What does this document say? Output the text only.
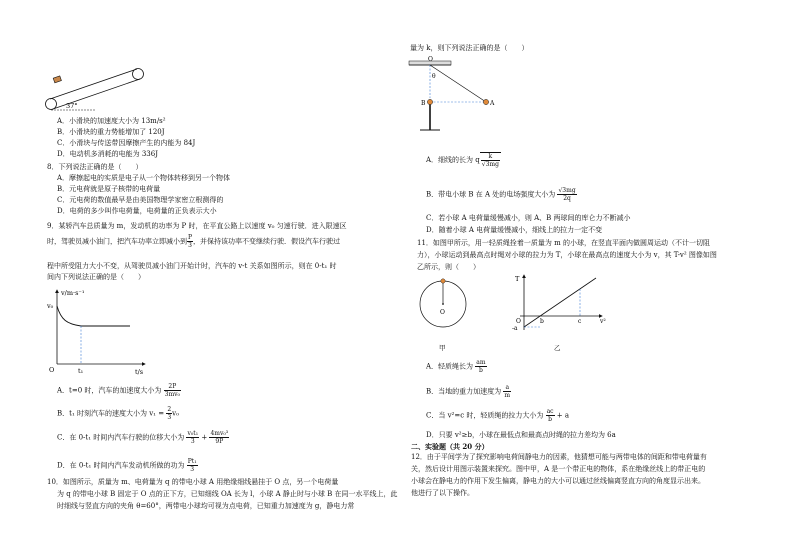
37°
A．小滑块的加速度大小为 13m/s²
B．小滑块的重力势能增加了 120J
C．小滑块与传送带因摩擦产生的内能为 84J
D．电动机多消耗的电能为 336J
8．下列说法正确的是（　　）
A．摩擦起电的实质是电子从一个物体转移到另一个物体
B．元电荷就是原子核带的电荷量
C．元电荷的数值最早是由美国物理学家密立根测得的
D．电荷的多少叫作电荷量，电荷量的正负表示大小
9．某轿汽车总质量为 m，发动机的功率为 P 时，在平直公路上以速度 v₀ 匀速行驶．进入限速区
时，驾驶员减小油门，把汽车功率立即减小到 $\frac{P}{3}$ ，并保持该功率不变继续行驶．假设汽车行驶过
程中所受阻力大小不变，从驾驶员减小油门开始计时，汽车的 v-t 关系如图所示，则在 0-t₁ 时
间内下列说法正确的是（　　）
v/m·s⁻¹
v₀
O	t₁	t/s
A．t=0 时，汽车的加速度大小为 $\frac{2P}{\text{3mv₀}}$
B．t₁ 时刻汽车的速度大小为 $v_1 = \frac{2}{3} v_0$
C．在 0-t₁ 时间内汽车行驶的位移大小为 $\frac{\text{v₀t₁}}{3} + \frac{\text{4mv₀³}}{9P}$
D．在 0-t₁ 时间内汽车发动机所做的功为 $\frac{\text{Pt₁}}{3}$
10．如图所示，质量为 m、电荷量为 q 的带电小球 A 用绝缘细线悬挂于 O 点，另一个电荷量
为 q 的带电小球 B 固定于 O 点的正下方，已知细线 OA 长为 l，小球 A 静止时与小球 B 在同一水平线上，此
时细线与竖直方向的夹角 θ=60°，两带电小球均可视为点电荷，已知重力加速度为 g，静电力常
量为 k，则下列说法正确的是（　　）
O
θ
B	A
A．细线的长为 q $\frac{k}{√3mg}$
B．带电小球 B 在 A 处的电场强度大小为 $\frac{√3mg}{2q}$
C．若小球 A 电荷量缓慢减小，则 A、B 两球间的库仑力不断减小
D．随着小球 A 电荷量缓慢减小，细线上的拉力一定不变
11．如图甲所示，用一轻质绳拴着一质量为 m 的小球，在竖直平面内做圆周运动（不计一切阻
力），小球运动到最高点时绳对小球的拉力为 T，小球在最高点的速度大小为 v，其 T-v² 图像如图
乙所示，则（　　）
O
甲
T
O
-a
b	c	v²
乙
A．轻质绳长为 $\frac{am}{b}$
B．当地的重力加速度为 $\frac{a}{m}$
C．当 v²=c 时，轻质绳的拉力大小为 $\frac{ac}{b} + a$
D．只要 v²≥b，小球在最低点和最高点时绳的拉力差均为 6a
二、实验题（共 20 分）
12．由于平间学为了探究影响电荷间静电力的因素，他猜想可能与两带电体的间距和带电荷量有
关，然后设计用图示装置来探究。图中甲，A 是一个带正电的物体，系在绝缘丝线上的带正电的
小球会在静电力的作用下发生偏离，静电力的大小可以通过丝线偏离竖直方向的角度显示出来。
他进行了以下操作。
